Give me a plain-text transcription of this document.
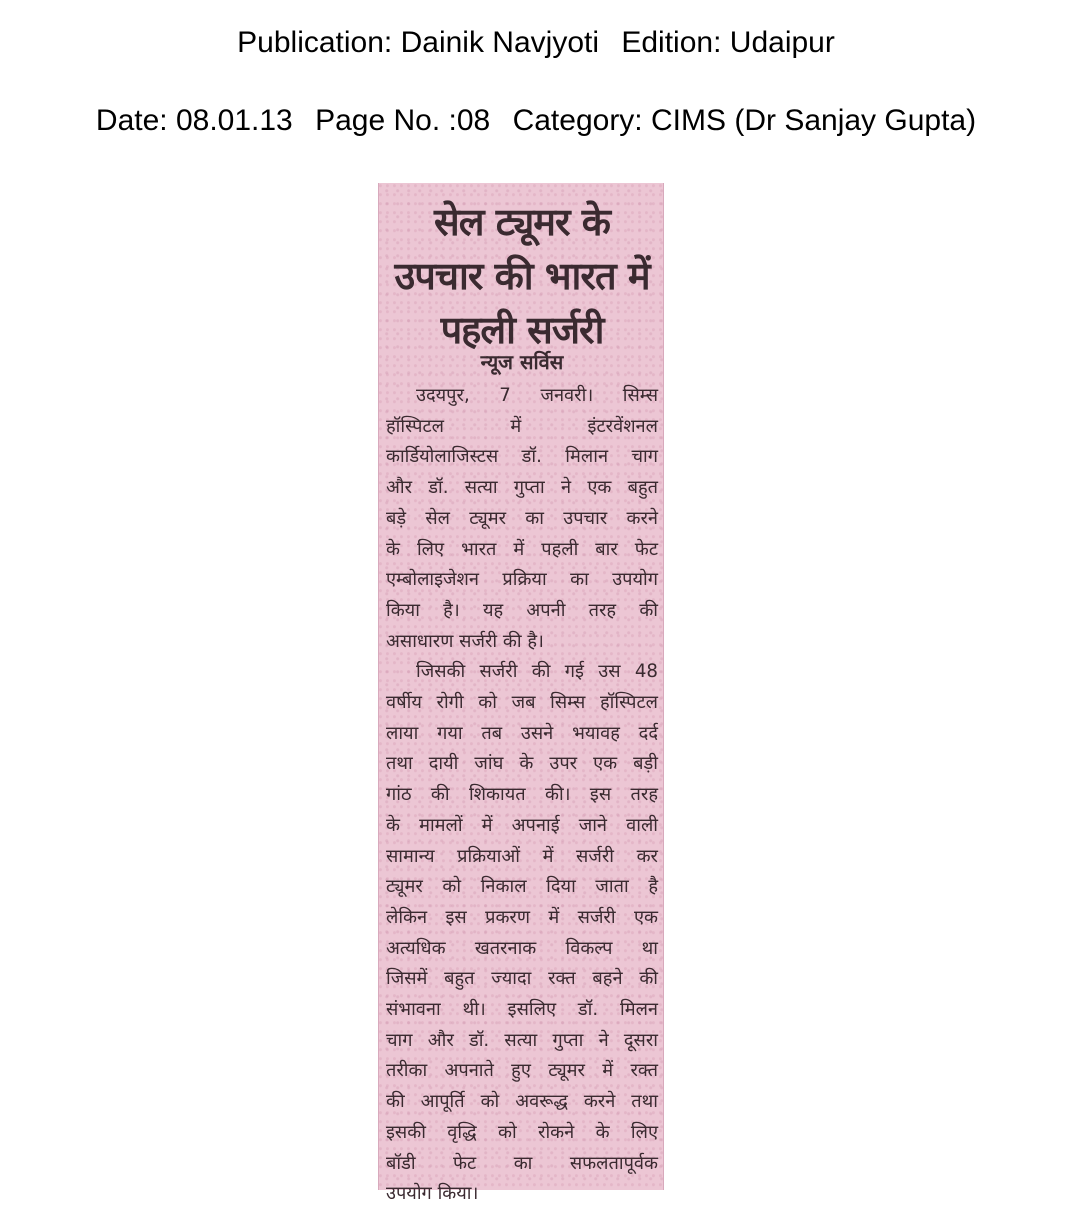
Publication: Dainik Navjyoti Edition: Udaipur
Date: 08.01.13 Page No. :08 Category: CIMS (Dr Sanjay Gupta)
सेल ट्यूमर के
उपचार की भारत में
पहली सर्जरी
न्यूज सर्विस
उदयपुर, 7 जनवरी। सिम्स
हॉस्पिटल में इंटरवेंशनल
कार्डियोलाजिस्टस डॉ. मिलान चाग
और डॉ. सत्या गुप्ता ने एक बहुत
बड़े सेल ट्यूमर का उपचार करने
के लिए भारत में पहली बार फेट
एम्बोलाइजेशन प्रक्रिया का उपयोग
किया है। यह अपनी तरह की
असाधारण सर्जरी की है।
जिसकी सर्जरी की गई उस 48
वर्षीय रोगी को जब सिम्स हॉस्पिटल
लाया गया तब उसने भयावह दर्द
तथा दायी जांघ के उपर एक बड़ी
गांठ की शिकायत की। इस तरह
के मामलों में अपनाई जाने वाली
सामान्य प्रक्रियाओं में सर्जरी कर
ट्यूमर को निकाल दिया जाता है
लेकिन इस प्रकरण में सर्जरी एक
अत्यधिक खतरनाक विकल्प था
जिसमें बहुत ज्यादा रक्त बहने की
संभावना थी। इसलिए डॉ. मिलन
चाग और डॉ. सत्या गुप्ता ने दूसरा
तरीका अपनाते हुए ट्यूमर में रक्त
की आपूर्ति को अवरूद्ध करने तथा
इसकी वृद्धि को रोकने के लिए
बॉडी फेट का सफलतापूर्वक
उपयोग किया।
